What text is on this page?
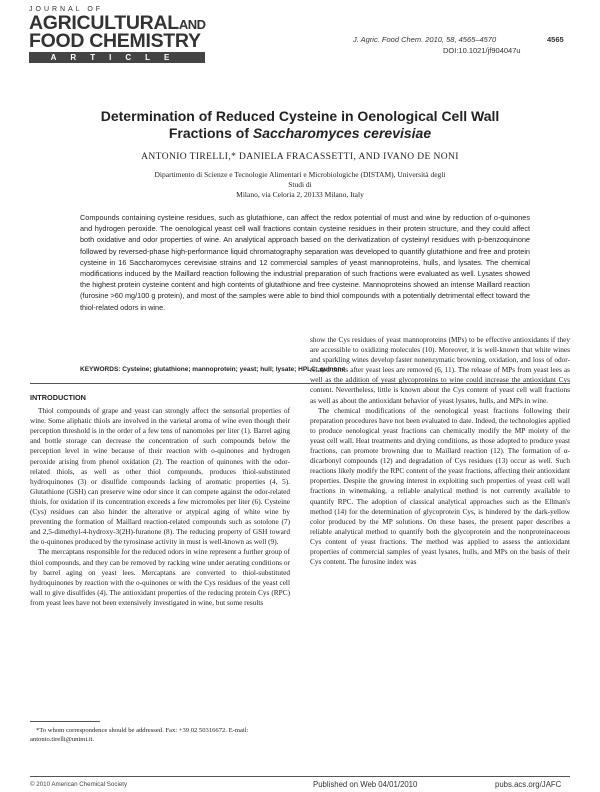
JOURNAL OF
AGRICULTURALAND
FOOD CHEMISTRY
ARTICLE
J. Agric. Food Chem. 2010, 58, 4565–4570	4565
DOI:10.1021/jf904047u
Determination of Reduced Cysteine in Oenological Cell Wall
Fractions of Saccharomyces cerevisiae
ANTONIO TIRELLI,* DANIELA FRACASSETTI, AND IVANO DE NONI
Dipartimento di Scienze e Tecnologie Alimentari e Microbiologiche (DISTAM), Università degli Studi di
Milano, via Celoria 2, 20133 Milano, Italy
Compounds containing cysteine residues, such as glutathione, can affect the redox potential of must and wine by reduction of o-quinones and hydrogen peroxide. The oenological yeast cell wall fractions contain cysteine residues in their protein structure, and they could affect both oxidative and odor properties of wine. An analytical approach based on the derivatization of cysteinyl residues with p-benzoquinone followed by reversed-phase high-performance liquid chromatography separation was developed to quantify glutathione and free and protein cysteine in 16 Saccharomyces cerevisiae strains and 12 commercial samples of yeast mannoproteins, hulls, and lysates. The chemical modifications induced by the Maillard reaction following the industrial preparation of such fractions were evaluated as well. Lysates showed the highest protein cysteine content and high contents of glutathione and free cysteine. Mannoproteins showed an intense Maillard reaction (furosine >60 mg/100 g protein), and most of the samples were able to bind thiol compounds with a potentially detrimental effect toward the thiol-related odors in wine.
KEYWORDS: Cysteine; glutathione; mannoprotein; yeast; hull; lysate; HPLC; quinone
INTRODUCTION

Thiol compounds of grape and yeast can strongly affect the sensorial properties of wine. Some aliphatic thiols are involved in the varietal aroma of wine even though their perception threshold is in the order of a few tens of nanomoles per liter (1). Barrel aging and bottle storage can decrease the concentration of such compounds below the perception level in wine because of their reaction with o-quinones and hydrogen peroxide arising from phenol oxidation (2). The reaction of quinones with the odor-related thiols, as well as other thiol compounds, produces thiol-substituted hydroquinones (3) or disulfide compounds lacking of aromatic properties (4, 5). Glutathione (GSH) can preserve wine odor since it can compete against the odor-related thiols, for oxidation if its concentration exceeds a few micromoles per liter (6). Cysteine (Cys) residues can also hinder the alterative or atypical aging of white wine by preventing the formation of Maillard reaction-related compounds such as sotolone (7) and 2,5-dimethyl-4-hydroxy-3(2H)-furanone (8). The reducing property of GSH toward the o-quinones produced by the tyrosinase activity in must is well-known as well (9).

The mercaptans responsible for the reduced odors in wine represent a further group of thiol compounds, and they can be removed by racking wine under aerating conditions or by barrel aging on yeast lees. Mercaptans are converted to thiol-substituted hydroquinones by reaction with the o-quinones or with the Cys residues of the yeast cell wall to give disulfides (4). The antioxidant properties of the reducing protein Cys (RPC) from yeast lees have not been extensively investigated in wine, but some results

show the Cys residues of yeast mannoproteins (MPs) to be effective antioxidants if they are accessible to oxidizing molecules (10). Moreover, it is well-known that white wines and sparkling wines develop faster nonenzymatic browning, oxidation, and loss of odor-related thiols after yeast lees are removed (6, 11). The release of MPs from yeast lees as well as the addition of yeast glycoproteins to wine could increase the antioxidant Cys content. Nevertheless, little is known about the Cys content of yeast cell wall fractions as well as about the antioxidant behavior of yeast lysates, hulls, and MPs in wine.

The chemical modifications of the oenological yeast fractions following their preparation procedures have not been evaluated to date. Indeed, the technologies applied to produce oenological yeast fractions can chemically modify the MP moiety of the yeast cell wall. Heat treatments and drying conditions, as those adopted to produce yeast fractions, can promote browning due to Maillard reaction (12). The formation of α-dicarbonyl compounds (12) and degradation of Cys residues (13) occur as well. Such reactions likely modify the RPC content of the yeast fractions, affecting their antioxidant properties. Despite the growing interest in exploiting such properties of yeast cell wall fractions in winemaking, a reliable analytical method is not currently available to quantify RPC. The adoption of classical analytical approaches such as the Ellman's method (14) for the determination of glycoprotein Cys, is hindered by the dark-yellow color produced by the MP solutions. On these bases, the present paper describes a reliable analytical method to quantify both the glycoprotein and the nonproteinaceous Cys content of yeast fractions. The method was applied to assess the antioxidant properties of commercial samples of yeast lysates, hulls, and MPs on the basis of their Cys content. The furosine index was

*To whom correspondence should be addressed. Fax: +39 02 50316672. E-mail: antonio.tirelli@unimi.it.
© 2010 American Chemical Society	Published on Web 04/01/2010	pubs.acs.org/JAFC
